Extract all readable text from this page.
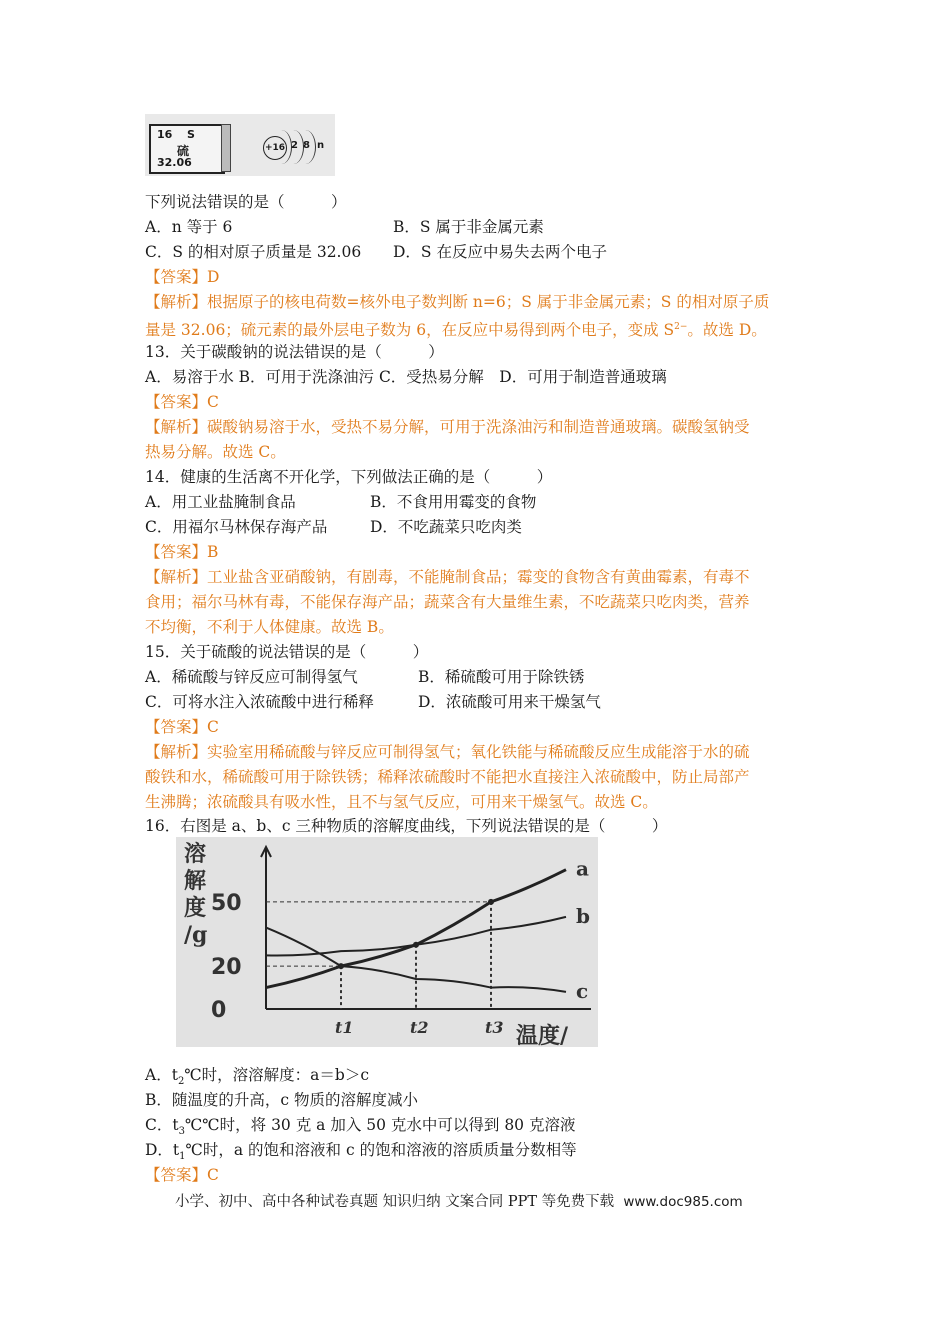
16 S
硫
32.06
+16 2 8 n
下列说法错误的是（　　　）
A．n 等于 6	B．S 属于非金属元素
C．S 的相对原子质量是 32.06 D．S 在反应中易失去两个电子
【答案】D
【解析】根据原子的核电荷数=核外电子数判断 n=6；S 属于非金属元素；S 的相对原子质
量是 32.06；硫元素的最外层电子数为 6，在反应中易得到两个电子，变成 $S^{2-}$。故选 D。
13．关于碳酸钠的说法错误的是（　　　）
A．易溶于水 B．可用于洗涤油污 C．受热易分解　D．可用于制造普通玻璃
【答案】C
【解析】碳酸钠易溶于水，受热不易分解，可用于洗涤油污和制造普通玻璃。碳酸氢钠受
热易分解。故选 C。
14．健康的生活离不开化学，下列做法正确的是（　　　）
A．用工业盐腌制食品	B．不食用用霉变的食物
C．用福尔马林保存海产品	D．不吃蔬菜只吃肉类
【答案】B
【解析】工业盐含亚硝酸钠，有剧毒，不能腌制食品；霉变的食物含有黄曲霉素，有毒不
食用；福尔马林有毒，不能保存海产品；蔬菜含有大量维生素，不吃蔬菜只吃肉类，营养
不均衡，不利于人体健康。故选 B。
15．关于硫酸的说法错误的是（　　　）
A．稀硫酸与锌反应可制得氢气	B．稀硫酸可用于除铁锈
C．可将水注入浓硫酸中进行稀释	D．浓硫酸可用来干燥氢气
【答案】C
【解析】实验室用稀硫酸与锌反应可制得氢气；氧化铁能与稀硫酸反应生成能溶于水的硫
酸铁和水，稀硫酸可用于除铁锈；稀释浓硫酸时不能把水直接注入浓硫酸中，防止局部产
生沸腾；浓硫酸具有吸水性，且不与氢气反应，可用来干燥氢气。故选 C。
16．右图是 a、b、c 三种物质的溶解度曲线，下列说法错误的是（　　　）
溶
解
度
/g
50
20
0
t1	t2	t3
a
b
c
温度/
A．$t_2℃$时，溶溶解度：a＝b＞c
B．随温度的升高，c 物质的溶解度减小
C．$t_3℃℃$时，将 30 克 a 加入 50 克水中可以得到 80 克溶液
D．$t_1℃$时，a 的饱和溶液和 c 的饱和溶液的溶质质量分数相等
【答案】C
小学、初中、高中各种试卷真题 知识归纳 文案合同 PPT 等免费下载 www.doc985.com
